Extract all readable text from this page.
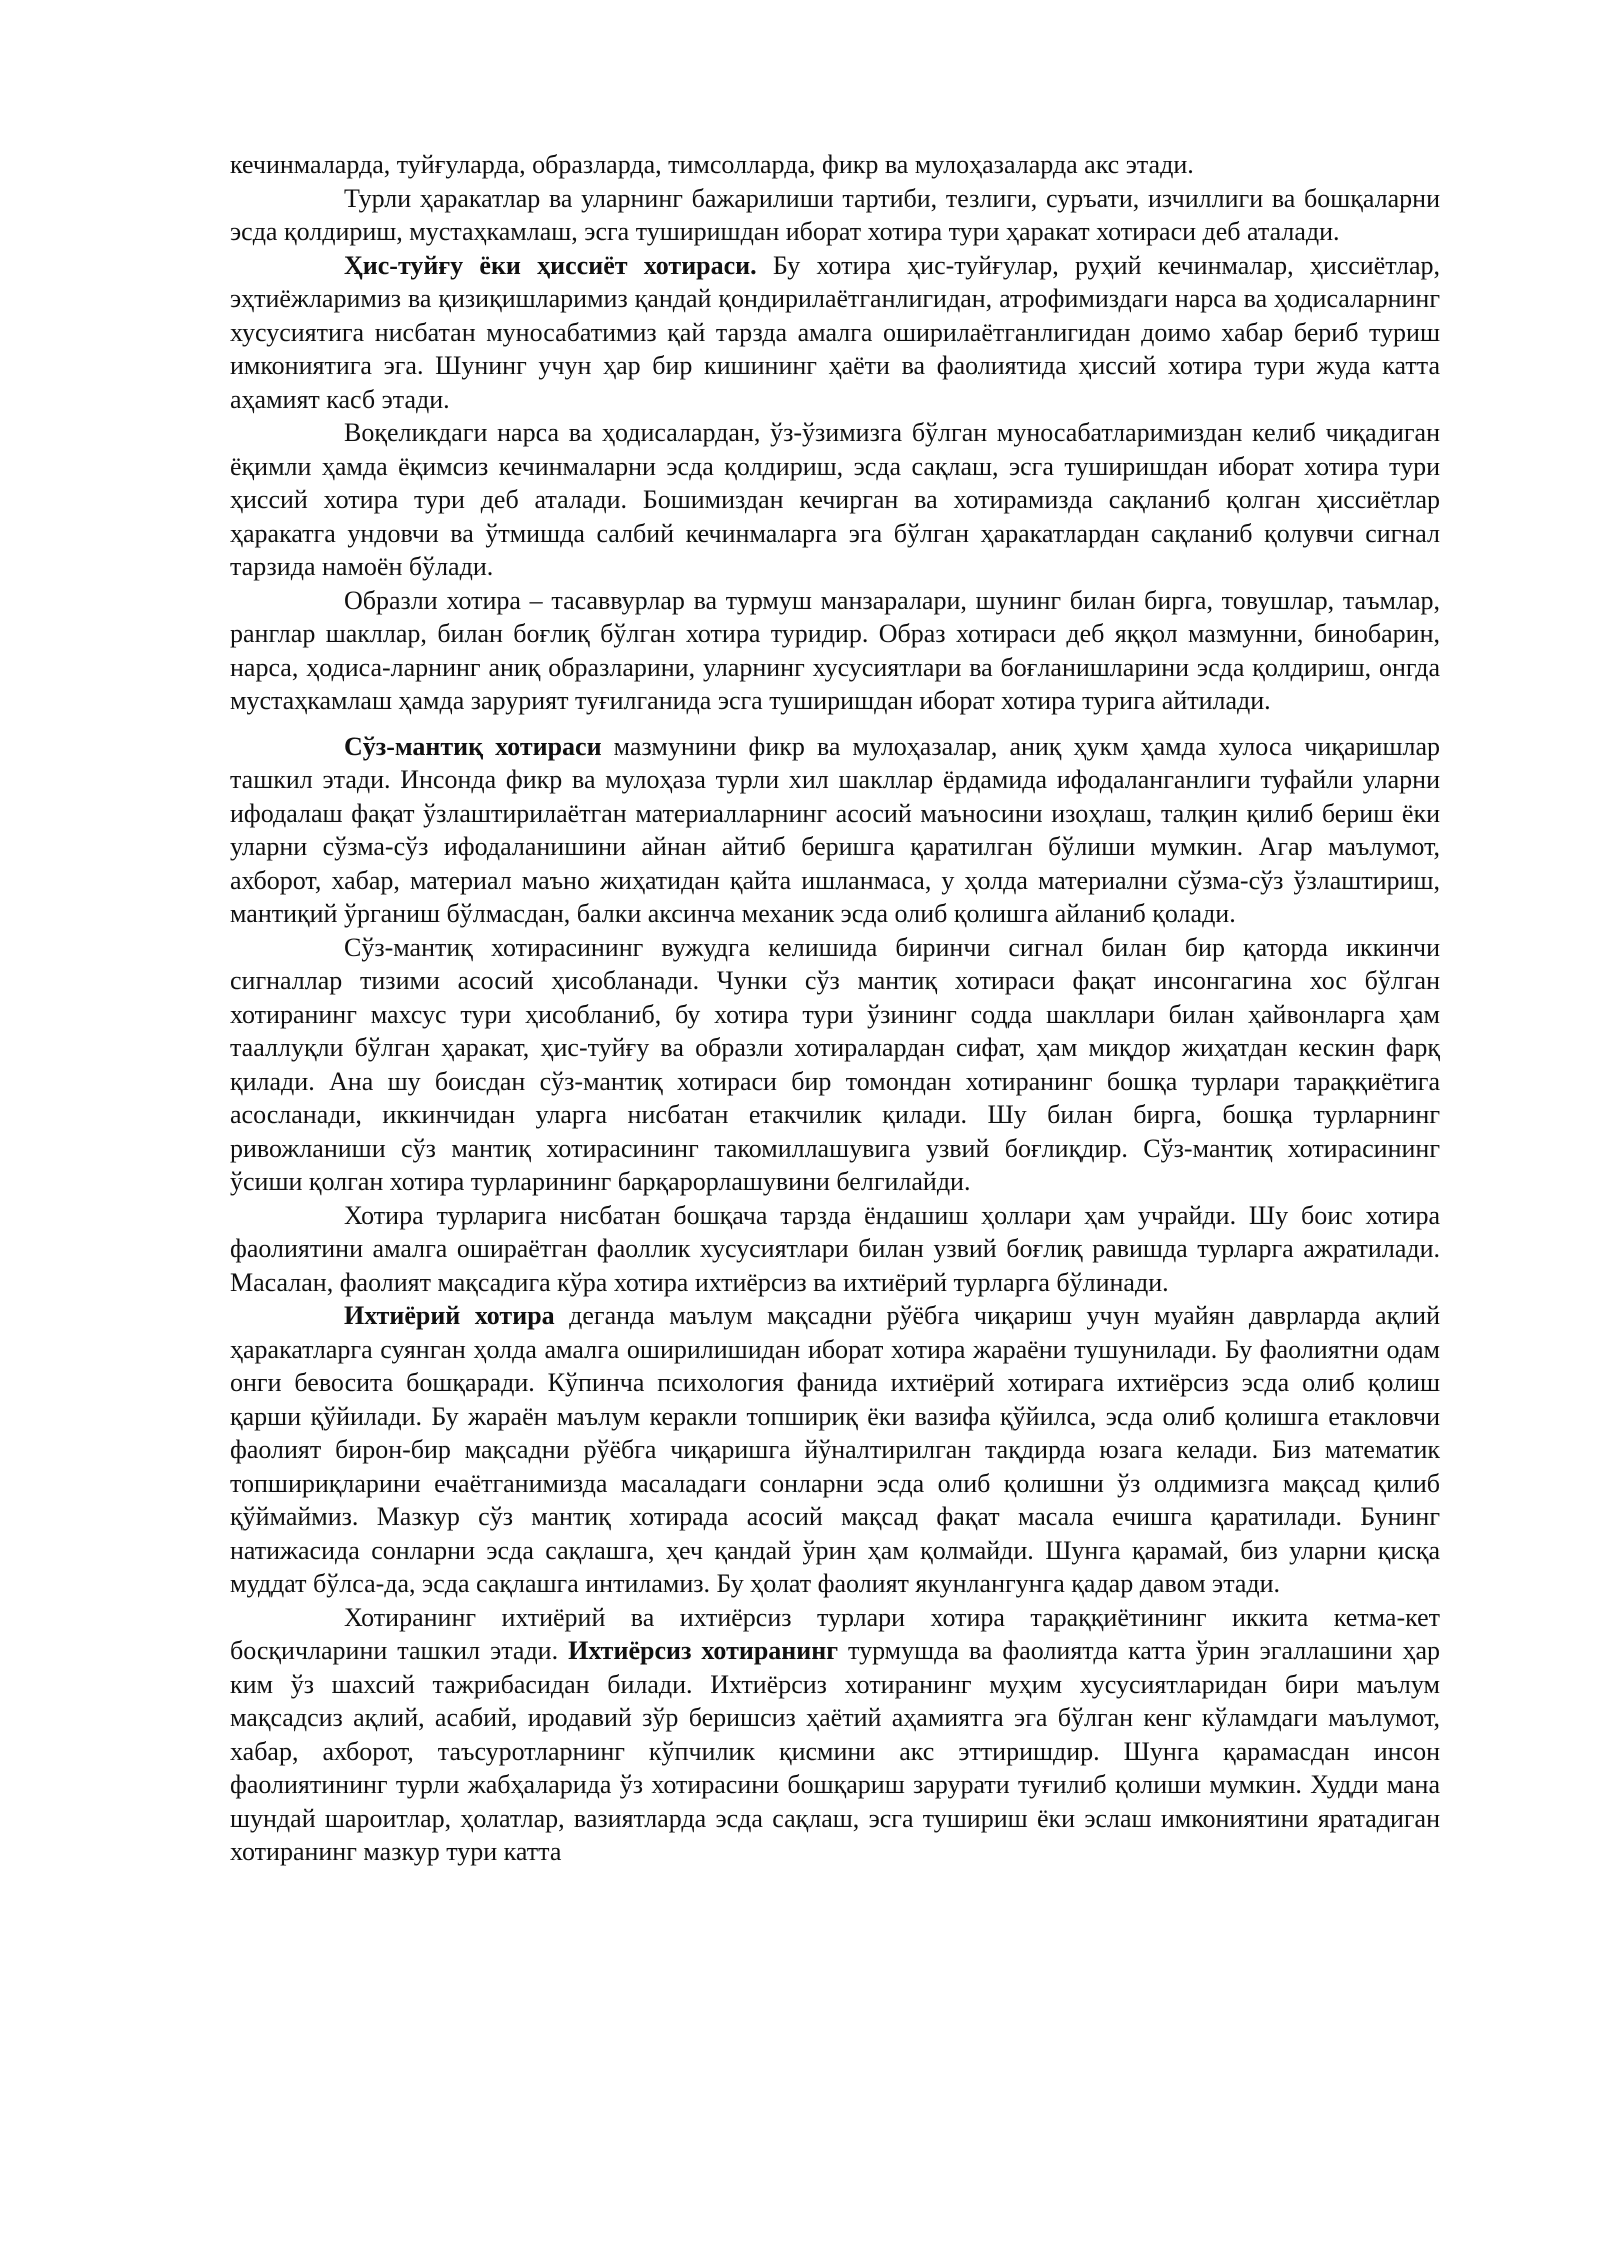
кечинмаларда, туйғуларда, образларда, тимсолларда, фикр ва мулоҳазаларда акс этади.

Турли ҳаракатлар ва уларнинг бажарилиши тартиби, тезлиги, суръати, изчиллиги ва бошқаларни эсда қолдириш, мустаҳкамлаш, эсга туширишдан иборат хотира тури ҳаракат хотираси деб аталади.

Ҳис-туйғу ёки ҳиссиёт хотираси. Бу хотира ҳис-туйғулар, руҳий кечинмалар, ҳиссиётлар, эҳтиёжларимиз ва қизиқишларимиз қандай қондирилаётганлигидан, атрофимиздаги нарса ва ҳодисаларнинг хусусиятига нисбатан муносабатимиз қай тарзда амалга оширилаётганлигидан доимо хабар бериб туриш имкониятига эга. Шунинг учун ҳар бир кишининг ҳаёти ва фаолиятида ҳиссий хотира тури жуда катта аҳамият касб этади.

Воқеликдаги нарса ва ҳодисалардан, ўз-ўзимизга бўлган муносабатларимиздан келиб чиқадиган ёқимли ҳамда ёқимсиз кечинмаларни эсда қолдириш, эсда сақлаш, эсга туширишдан иборат хотира тури ҳиссий хотира тури деб аталади. Бошимиздан кечирган ва хотирамизда сақланиб қолган ҳиссиётлар ҳаракатга ундовчи ва ўтмишда салбий кечинмаларга эга бўлган ҳаракатлардан сақланиб қолувчи сигнал тарзида намоён бўлади.

Образли хотира – тасаввурлар ва турмуш манзаралари, шунинг билан бирга, товушлар, таъмлар, ранглар шакллар, билан боғлиқ бўлган хотира туридир. Образ хотираси деб яққол мазмунни, бинобарин, нарса, ҳодиса-ларнинг аниқ образларини, уларнинг хусусиятлари ва боғланишларини эсда қолдириш, онгда мустаҳкамлаш ҳамда зарурият туғилганида эсга туширишдан иборат хотира турига айтилади.

Сўз-мантиқ хотираси мазмунини фикр ва мулоҳазалар, аниқ ҳукм ҳамда хулоса чиқаришлар ташкил этади. Инсонда фикр ва мулоҳаза турли хил шакллар ёрдамида ифодаланганлиги туфайли уларни ифодалаш фақат ўзлаштирилаётган материалларнинг асосий маъносини изоҳлаш, талқин қилиб бериш ёки уларни сўзма-сўз ифодаланишини айнан айтиб беришга қаратилган бўлиши мумкин. Агар маълумот, ахборот, хабар, материал маъно жиҳатидан қайта ишланмаса, у ҳолда материални сўзма-сўз ўзлаштириш, мантиқий ўрганиш бўлмасдан, балки аксинча механик эсда олиб қолишга айланиб қолади.

Сўз-мантиқ хотирасининг вужудга келишида биринчи сигнал билан бир қаторда иккинчи сигналлар тизими асосий ҳисобланади. Чунки сўз мантиқ хотираси фақат инсонгагина хос бўлган хотиранинг махсус тури ҳисобланиб, бу хотира тури ўзининг содда шакллари билан ҳайвонларга ҳам тааллуқли бўлган ҳаракат, ҳис-туйғу ва образли хотиралардан сифат, ҳам миқдор жиҳатдан кескин фарқ қилади. Ана шу боисдан сўз-мантиқ хотираси бир томондан хотиранинг бошқа турлари тараққиётига асосланади, иккинчидан уларга нисбатан етакчилик қилади. Шу билан бирга, бошқа турларнинг ривожланиши сўз мантиқ хотирасининг такомиллашувига узвий боғлиқдир. Сўз-мантиқ хотирасининг ўсиши қолган хотира турларининг барқарорлашувини белгилайди.

Хотира турларига нисбатан бошқача тарзда ёндашиш ҳоллари ҳам учрайди. Шу боис хотира фаолиятини амалга ошираётган фаоллик хусусиятлари билан узвий боғлиқ равишда турларга ажратилади. Масалан, фаолият мақсадига кўра хотира ихтиёрсиз ва ихтиёрий турларга бўлинади.

Ихтиёрий хотира деганда маълум мақсадни рўёбга чиқариш учун муайян даврларда ақлий ҳаракатларга суянган ҳолда амалга оширилишидан иборат хотира жараёни тушунилади. Бу фаолиятни одам онги бевосита бошқаради. Кўпинча психология фанида ихтиёрий хотирага ихтиёрсиз эсда олиб қолиш қарши қўйилади. Бу жараён маълум керакли топшириқ ёки вазифа қўйилса, эсда олиб қолишга етакловчи фаолият бирон-бир мақсадни рўёбга чиқаришга йўналтирилган тақдирда юзага келади. Биз математик топшириқларини ечаётганимизда масаладаги сонларни эсда олиб қолишни ўз олдимизга мақсад қилиб қўймаймиз. Мазкур сўз мантиқ хотирада асосий мақсад фақат масала ечишга қаратилади. Бунинг натижасида сонларни эсда сақлашга, ҳеч қандай ўрин ҳам қолмайди. Шунга қарамай, биз уларни қисқа муддат бўлса-да, эсда сақлашга интиламиз. Бу ҳолат фаолият якунлангунга қадар давом этади.

Хотиранинг ихтиёрий ва ихтиёрсиз турлари хотира тараққиётининг иккита кетма-кет босқичларини ташкил этади. Ихтиёрсиз хотиранинг турмушда ва фаолиятда катта ўрин эгаллашини ҳар ким ўз шахсий тажрибасидан билади. Ихтиёрсиз хотиранинг муҳим хусусиятларидан бири маълум мақсадсиз ақлий, асабий, иродавий зўр беришсиз ҳаётий аҳамиятга эга бўлган кенг кўламдаги маълумот, хабар, ахборот, таъсуротларнинг кўпчилик қисмини акс эттиришдир. Шунга қарамасдан инсон фаолиятининг турли жабҳаларида ўз хотирасини бошқариш зарурати туғилиб қолиши мумкин. Худди мана шундай шароитлар, ҳолатлар, вазиятларда эсда сақлаш, эсга тушириш ёки эслаш имкониятини яратадиган хотиранинг мазкур тури катта
